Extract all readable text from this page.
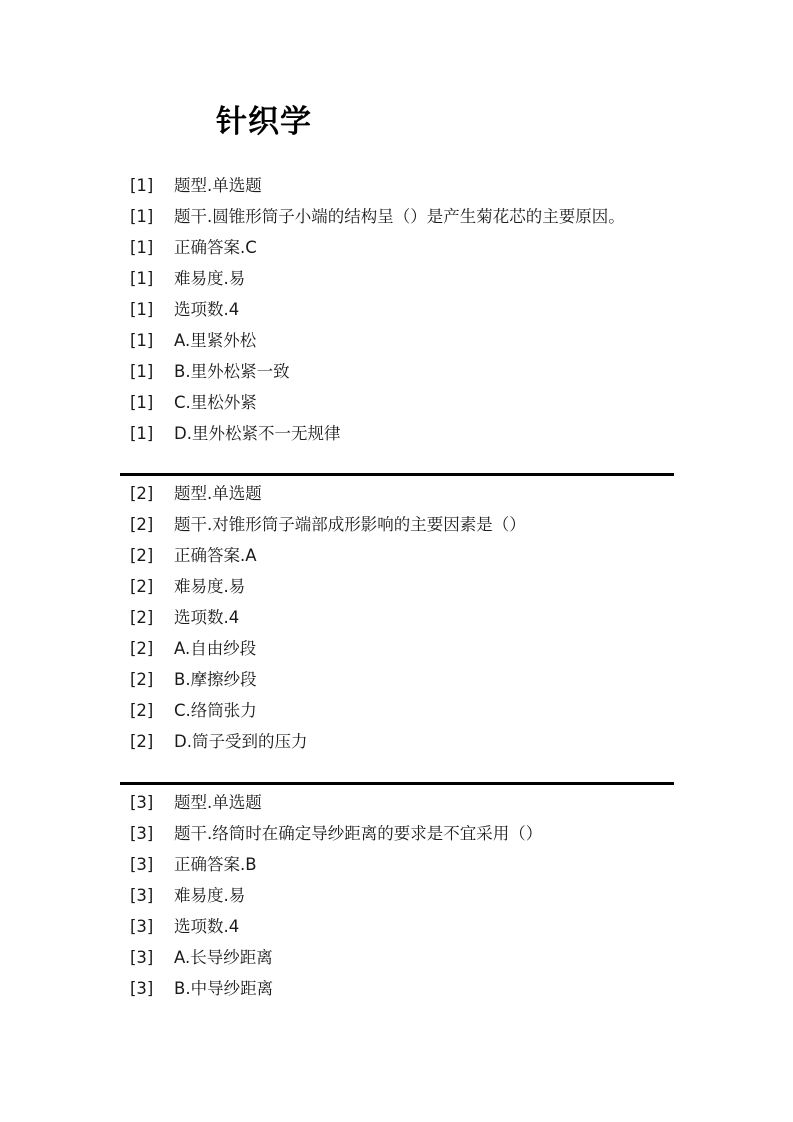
针织学
[1]	题型.单选题
[1]	题干.圆锥形筒子小端的结构呈（）是产生菊花芯的主要原因。
[1]	正确答案.C
[1]	难易度.易
[1]	选项数.4
[1]	A.里紧外松
[1]	B.里外松紧一致
[1]	C.里松外紧
[1]	D.里外松紧不一无规律
[2]	题型.单选题
[2]	题干.对锥形筒子端部成形影响的主要因素是（）
[2]	正确答案.A
[2]	难易度.易
[2]	选项数.4
[2]	A.自由纱段
[2]	B.摩擦纱段
[2]	C.络筒张力
[2]	D.筒子受到的压力
[3]	题型.单选题
[3]	题干.络筒时在确定导纱距离的要求是不宜采用（）
[3]	正确答案.B
[3]	难易度.易
[3]	选项数.4
[3]	A.长导纱距离
[3]	B.中导纱距离
